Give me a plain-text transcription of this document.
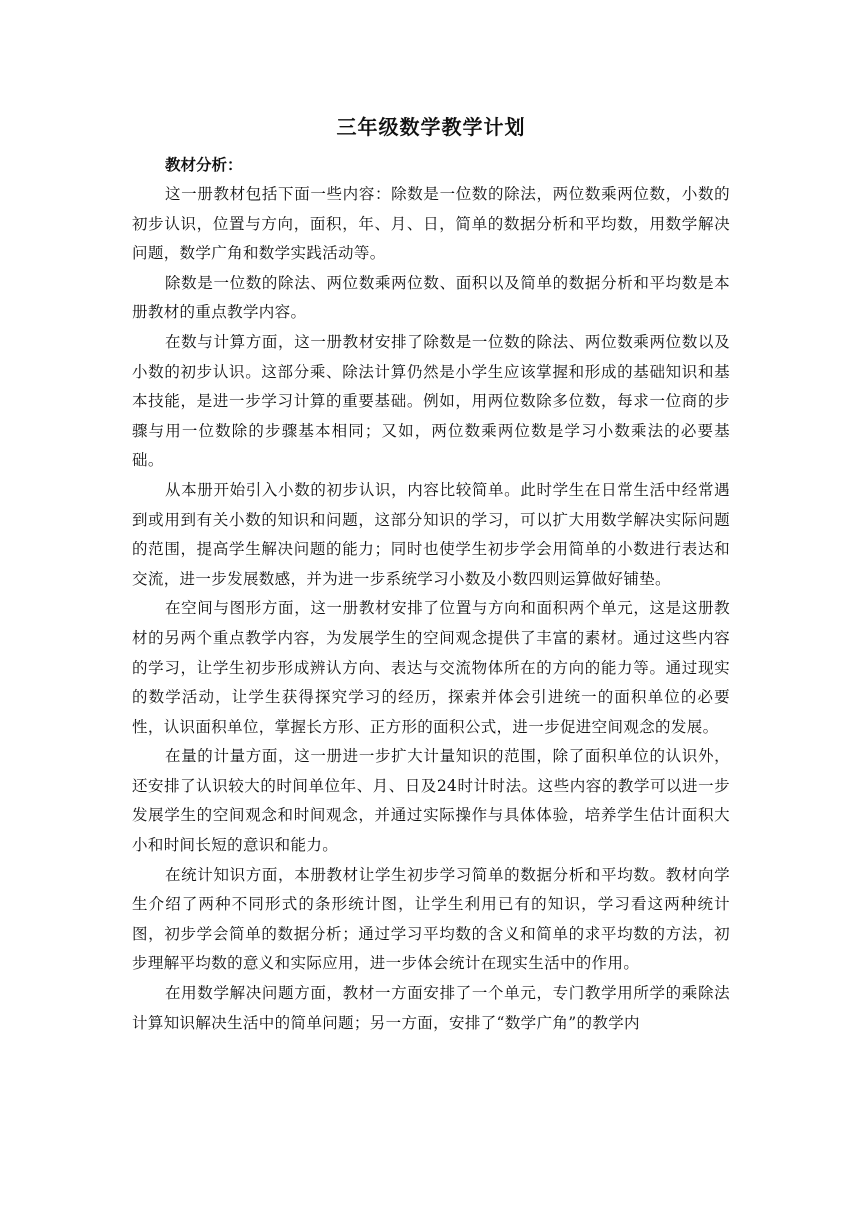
三年级数学教学计划

教材分析：

这一册教材包括下面一些内容：除数是一位数的除法，两位数乘两位数，小数的初步认识，位置与方向，面积，年、月、日，简单的数据分析和平均数，用数学解决问题，数学广角和数学实践活动等。

除数是一位数的除法、两位数乘两位数、面积以及简单的数据分析和平均数是本册教材的重点教学内容。

在数与计算方面，这一册教材安排了除数是一位数的除法、两位数乘两位数以及小数的初步认识。这部分乘、除法计算仍然是小学生应该掌握和形成的基础知识和基本技能，是进一步学习计算的重要基础。例如，用两位数除多位数，每求一位商的步骤与用一位数除的步骤基本相同；又如，两位数乘两位数是学习小数乘法的必要基础。

从本册开始引入小数的初步认识，内容比较简单。此时学生在日常生活中经常遇到或用到有关小数的知识和问题，这部分知识的学习，可以扩大用数学解决实际问题的范围，提高学生解决问题的能力；同时也使学生初步学会用简单的小数进行表达和交流，进一步发展数感，并为进一步系统学习小数及小数四则运算做好铺垫。

在空间与图形方面，这一册教材安排了位置与方向和面积两个单元，这是这册教材的另两个重点教学内容，为发展学生的空间观念提供了丰富的素材。通过这些内容的学习，让学生初步形成辨认方向、表达与交流物体所在的方向的能力等。通过现实的数学活动，让学生获得探究学习的经历，探索并体会引进统一的面积单位的必要性，认识面积单位，掌握长方形、正方形的面积公式，进一步促进空间观念的发展。

在量的计量方面，这一册进一步扩大计量知识的范围，除了面积单位的认识外，还安排了认识较大的时间单位年、月、日及24时计时法。这些内容的教学可以进一步发展学生的空间观念和时间观念，并通过实际操作与具体体验，培养学生估计面积大小和时间长短的意识和能力。

在统计知识方面，本册教材让学生初步学习简单的数据分析和平均数。教材向学生介绍了两种不同形式的条形统计图，让学生利用已有的知识，学习看这两种统计图，初步学会简单的数据分析；通过学习平均数的含义和简单的求平均数的方法，初步理解平均数的意义和实际应用，进一步体会统计在现实生活中的作用。

在用数学解决问题方面，教材一方面安排了一个单元，专门教学用所学的乘除法计算知识解决生活中的简单问题；另一方面，安排了“数学广角”的教学内
